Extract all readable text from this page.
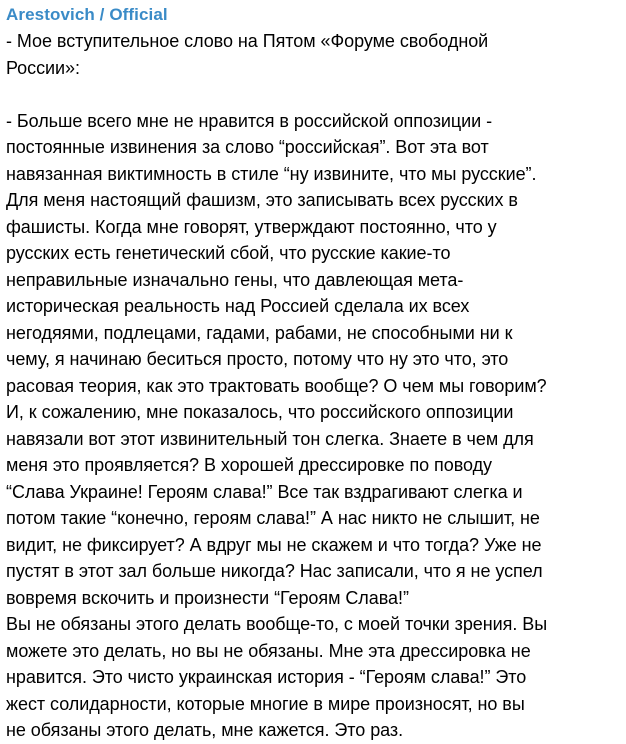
Arestovich / Official
- Мое вступительное слово на Пятом «Форуме свободной
России»:
- Больше всего мне не нравится в российской оппозиции -
постоянные извинения за слово “российская”. Вот эта вот
навязанная виктимность в стиле “ну извините, что мы русские”.
Для меня настоящий фашизм, это записывать всех русских в
фашисты. Когда мне говорят, утверждают постоянно, что у
русских есть генетический сбой, что русские какие-то
неправильные изначально гены, что давлеющая мета-
историческая реальность над Россией сделала их всех
негодяями, подлецами, гадами, рабами, не способными ни к
чему, я начинаю беситься просто, потому что ну это что, это
расовая теория, как это трактовать вообще? О чем мы говорим?
И, к сожалению, мне показалось, что российского оппозиции
навязали вот этот извинительный тон слегка. Знаете в чем для
меня это проявляется? В хорошей дрессировке по поводу
“Слава Украине! Героям слава!” Все так вздрагивают слегка и
потом такие “конечно, героям слава!” А нас никто не слышит, не
видит, не фиксирует? А вдруг мы не скажем и что тогда? Уже не
пустят в этот зал больше никогда? Нас записали, что я не успел
вовремя вскочить и произнести “Героям Слава!”
Вы не обязаны этого делать вообще-то, с моей точки зрения. Вы
можете это делать, но вы не обязаны. Мне эта дрессировка не
нравится. Это чисто украинская история - “Героям слава!” Это
жест солидарности, которые многие в мире произносят, но вы
не обязаны этого делать, мне кажется. Это раз.
